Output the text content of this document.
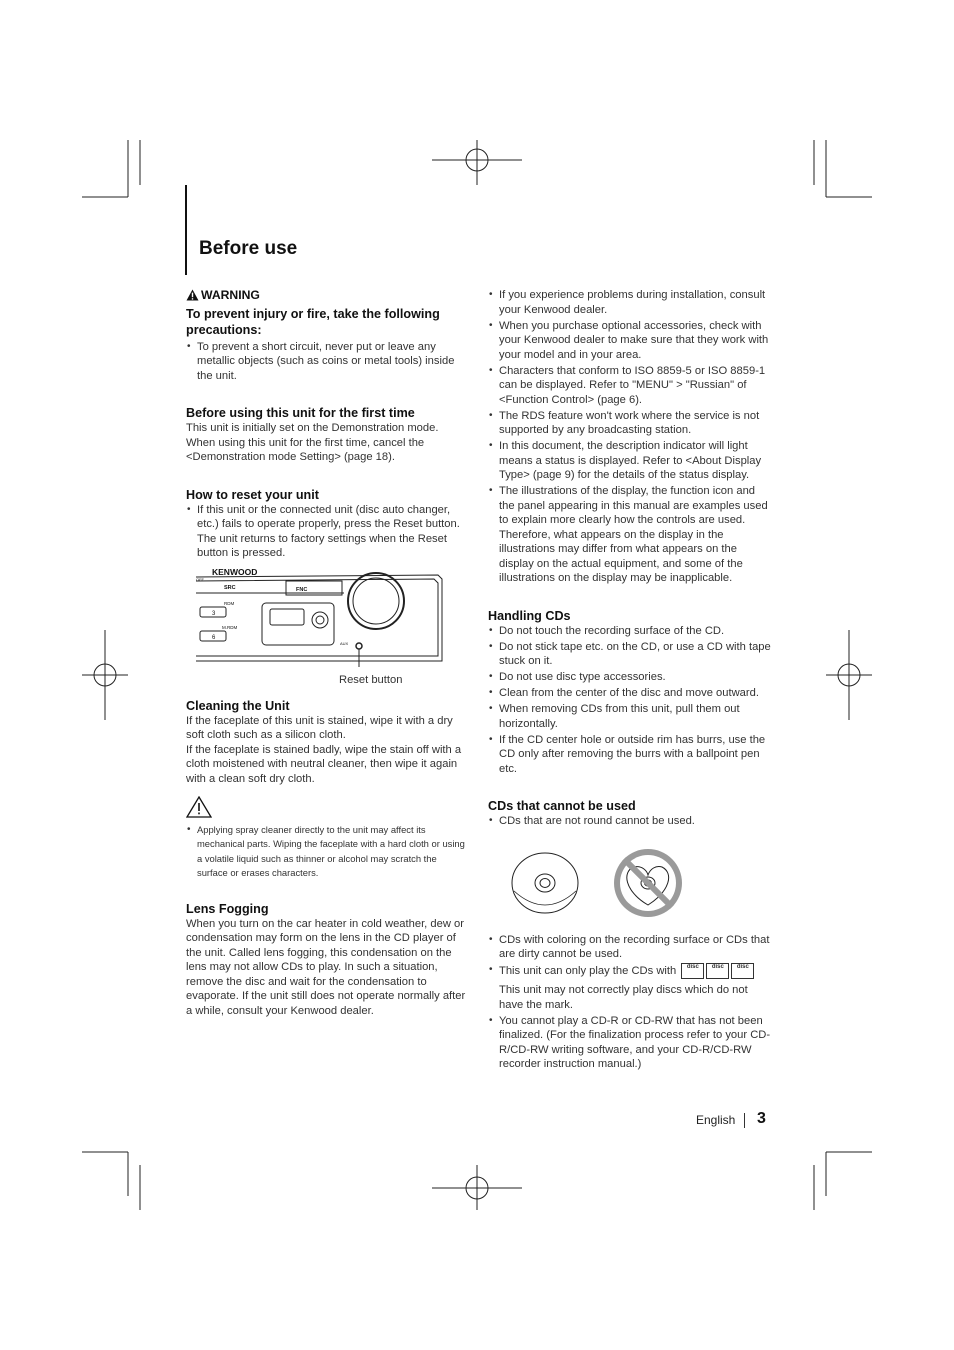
Before use
WARNING

To prevent injury or fire, take the following precautions:

• To prevent a short circuit, never put or leave any metallic objects (such as coins or metal tools) inside the unit.

Before using this unit for the first time

This unit is initially set on the Demonstration mode. When using this unit for the first time, cancel the <Demonstration mode Setting> (page 18).

How to reset your unit

• If this unit or the connected unit (disc auto changer, etc.) fails to operate properly, press the Reset button. The unit returns to factory settings when the Reset button is pressed.
KENWOOD
OFF
SRC	FNC
RDM
3
M.RDM
6
AUX
Reset button

Cleaning the Unit

If the faceplate of this unit is stained, wipe it with a dry soft cloth such as a silicon cloth.

If the faceplate is stained badly, wipe the stain off with a cloth moistened with neutral cleaner, then wipe it again with a clean soft dry cloth.

• Applying spray cleaner directly to the unit may affect its mechanical parts. Wiping the faceplate with a hard cloth or using a volatile liquid such as thinner or alcohol may scratch the surface or erases characters.

Lens Fogging

When you turn on the car heater in cold weather, dew or condensation may form on the lens in the CD player of the unit. Called lens fogging, this condensation on the lens may not allow CDs to play. In such a situation, remove the disc and wait for the condensation to evaporate. If the unit still does not operate normally after a while, consult your Kenwood dealer.

• If you experience problems during installation, consult your Kenwood dealer.
• When you purchase optional accessories, check with your Kenwood dealer to make sure that they work with your model and in your area.
• Characters that conform to ISO 8859-5 or ISO 8859-1 can be displayed. Refer to "MENU" > "Russian" of <Function Control> (page 6).
• The RDS feature won't work where the service is not supported by any broadcasting station.
• In this document, the description indicator will light means a status is displayed. Refer to <About Display Type> (page 9) for the details of the status display.
• The illustrations of the display, the function icon and the panel appearing in this manual are examples used to explain more clearly how the controls are used. Therefore, what appears on the display in the illustrations may differ from what appears on the display on the actual equipment, and some of the illustrations on the display may be inapplicable.

Handling CDs

• Do not touch the recording surface of the CD.
• Do not stick tape etc. on the CD, or use a CD with tape stuck on it.
• Do not use disc type accessories.
• Clean from the center of the disc and move outward.
• When removing CDs from this unit, pull them out horizontally.
• If the CD center hole or outside rim has burrs, use the CD only after removing the burrs with a ballpoint pen etc.

CDs that cannot be used

• CDs that are not round cannot be used.
• CDs with coloring on the recording surface or CDs that are dirty cannot be used.
• This unit can only play the CDs with disc disc disc
This unit may not correctly play discs which do not have the mark.
• You cannot play a CD-R or CD-RW that has not been finalized. (For the finalization process refer to your CD-R/CD-RW writing software, and your CD-R/CD-RW recorder instruction manual.)
English 3
